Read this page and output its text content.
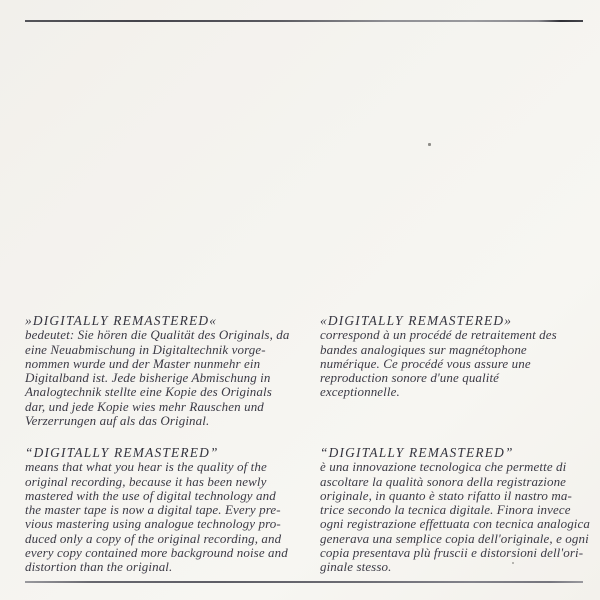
»DIGITALLY REMASTERED«
bedeutet: Sie hören die Qualität des Originals, da
eine Neuabmischung in Digitaltechnik vorge-
nommen wurde und der Master nunmehr ein
Digitalband ist. Jede bisherige Abmischung in
Analogtechnik stellte eine Kopie des Originals
dar, und jede Kopie wies mehr Rauschen und
Verzerrungen auf als das Original.
«DIGITALLY REMASTERED»
correspond à un procédé de retraitement des
bandes analogiques sur magnétophone
numérique. Ce procédé vous assure une
reproduction sonore d'une qualité
exceptionnelle.
“DIGITALLY REMASTERED”
means that what you hear is the quality of the
original recording, because it has been newly
mastered with the use of digital technology and
the master tape is now a digital tape. Every pre-
vious mastering using analogue technology pro-
duced only a copy of the original recording, and
every copy contained more background noise and
distortion than the original.
“DIGITALLY REMASTERED”
è una innovazione tecnologica che permette di
ascoltare la qualità sonora della registrazione
originale, in quanto è stato rifatto il nastro ma-
trice secondo la tecnica digitale. Finora invece
ogni registrazione effettuata con tecnica analogica
generava una semplice copia dell'originale, e ogni
copia presentava plù fruscii e distorsioni dell'ori-
ginale stesso.
